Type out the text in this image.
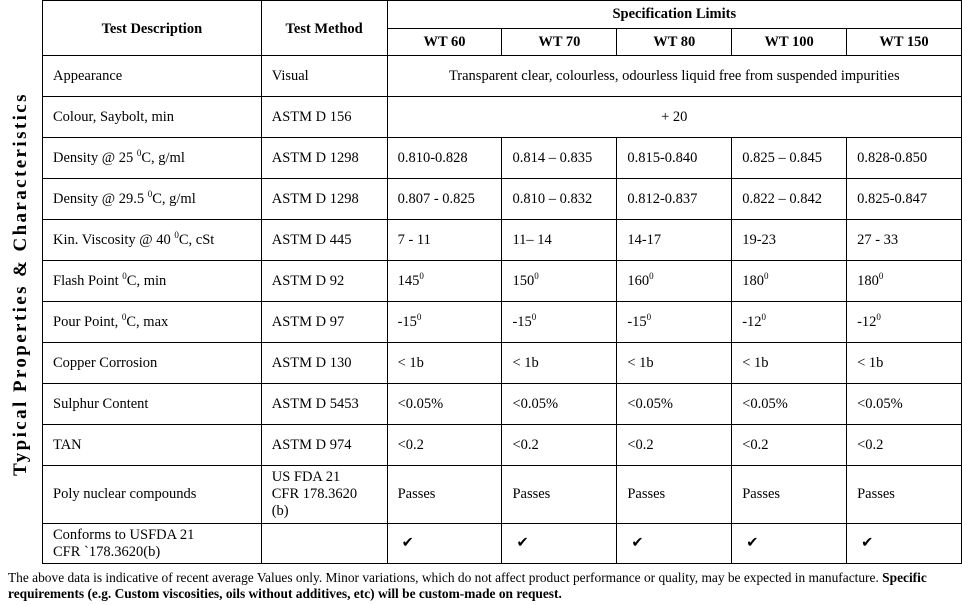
Typical Properties & Characteristics
Test Description	Test Method	Specification Limits				
		WT 60	WT 70	WT 80	WT 100	WT 150
Appearance	Visual	Transparent clear, colourless, odourless liquid free from suspended impurities				
Colour, Saybolt, min	ASTM D 156	+ 20				
Density @ 25 $^0$C, g/ml	ASTM D 1298	0.810-0.828	0.814 – 0.835	0.815-0.840	0.825 – 0.845	0.828-0.850
Density @ 29.5 $^0$C, g/ml	ASTM D 1298	0.807 - 0.825	0.810 – 0.832	0.812-0.837	0.822 – 0.842	0.825-0.847
Kin. Viscosity @ 40 $^0$C, cSt	ASTM D 445	7 - 11	11– 14	14-17	19-23	27 - 33
Flash Point $^0$C, min	ASTM D 92	$145^0$	$150^0$	$160^0$	$180^0$	$180^0$
Pour Point, $^0$C, max	ASTM D 97	$-15^0$	$-15^0$	$-15^0$	$-12^0$	$-12^0$
Copper Corrosion	ASTM D 130	< 1b	< 1b	< 1b	< 1b	< 1b
Sulphur Content	ASTM D 5453	<0.05%	<0.05%	<0.05%	<0.05%	<0.05%
TAN	ASTM D 974	<0.2	<0.2	<0.2	<0.2	<0.2
Poly nuclear compounds	US FDA 21
CFR 178.3620
(b)	Passes	Passes	Passes	Passes	Passes

Conforms to USFDA 21
CFR `178.3620(b)		✔	✔	✔	✔	✔
The above data is indicative of recent average Values only. Minor variations, which do not affect product performance or quality, may be expected in manufacture. Specific requirements (e.g. Custom viscosities, oils without additives, etc) will be custom-made on request.
